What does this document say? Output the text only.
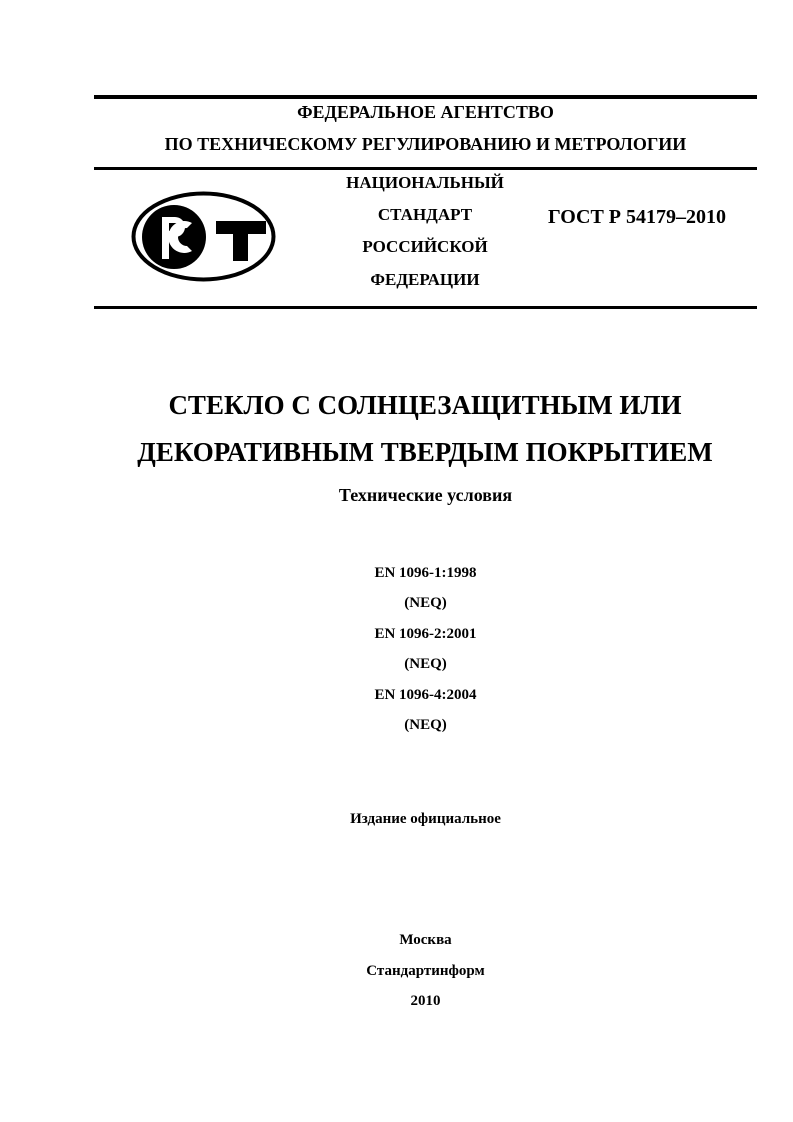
ФЕДЕРАЛЬНОЕ АГЕНТСТВО
ПО ТЕХНИЧЕСКОМУ РЕГУЛИРОВАНИЮ И МЕТРОЛОГИИ
НАЦИОНАЛЬНЫЙ
СТАНДАРТ
РОССИЙСКОЙ
ФЕДЕРАЦИИ
ГОСТ Р 54179–2010
СТЕКЛО С СОЛНЦЕЗАЩИТНЫМ ИЛИ
ДЕКОРАТИВНЫМ ТВЕРДЫМ ПОКРЫТИЕМ
Технические условия
EN 1096-1:1998
(NEQ)
EN 1096-2:2001
(NEQ)
EN 1096-4:2004
(NEQ)
Издание официальное
Москва
Стандартинформ
2010
